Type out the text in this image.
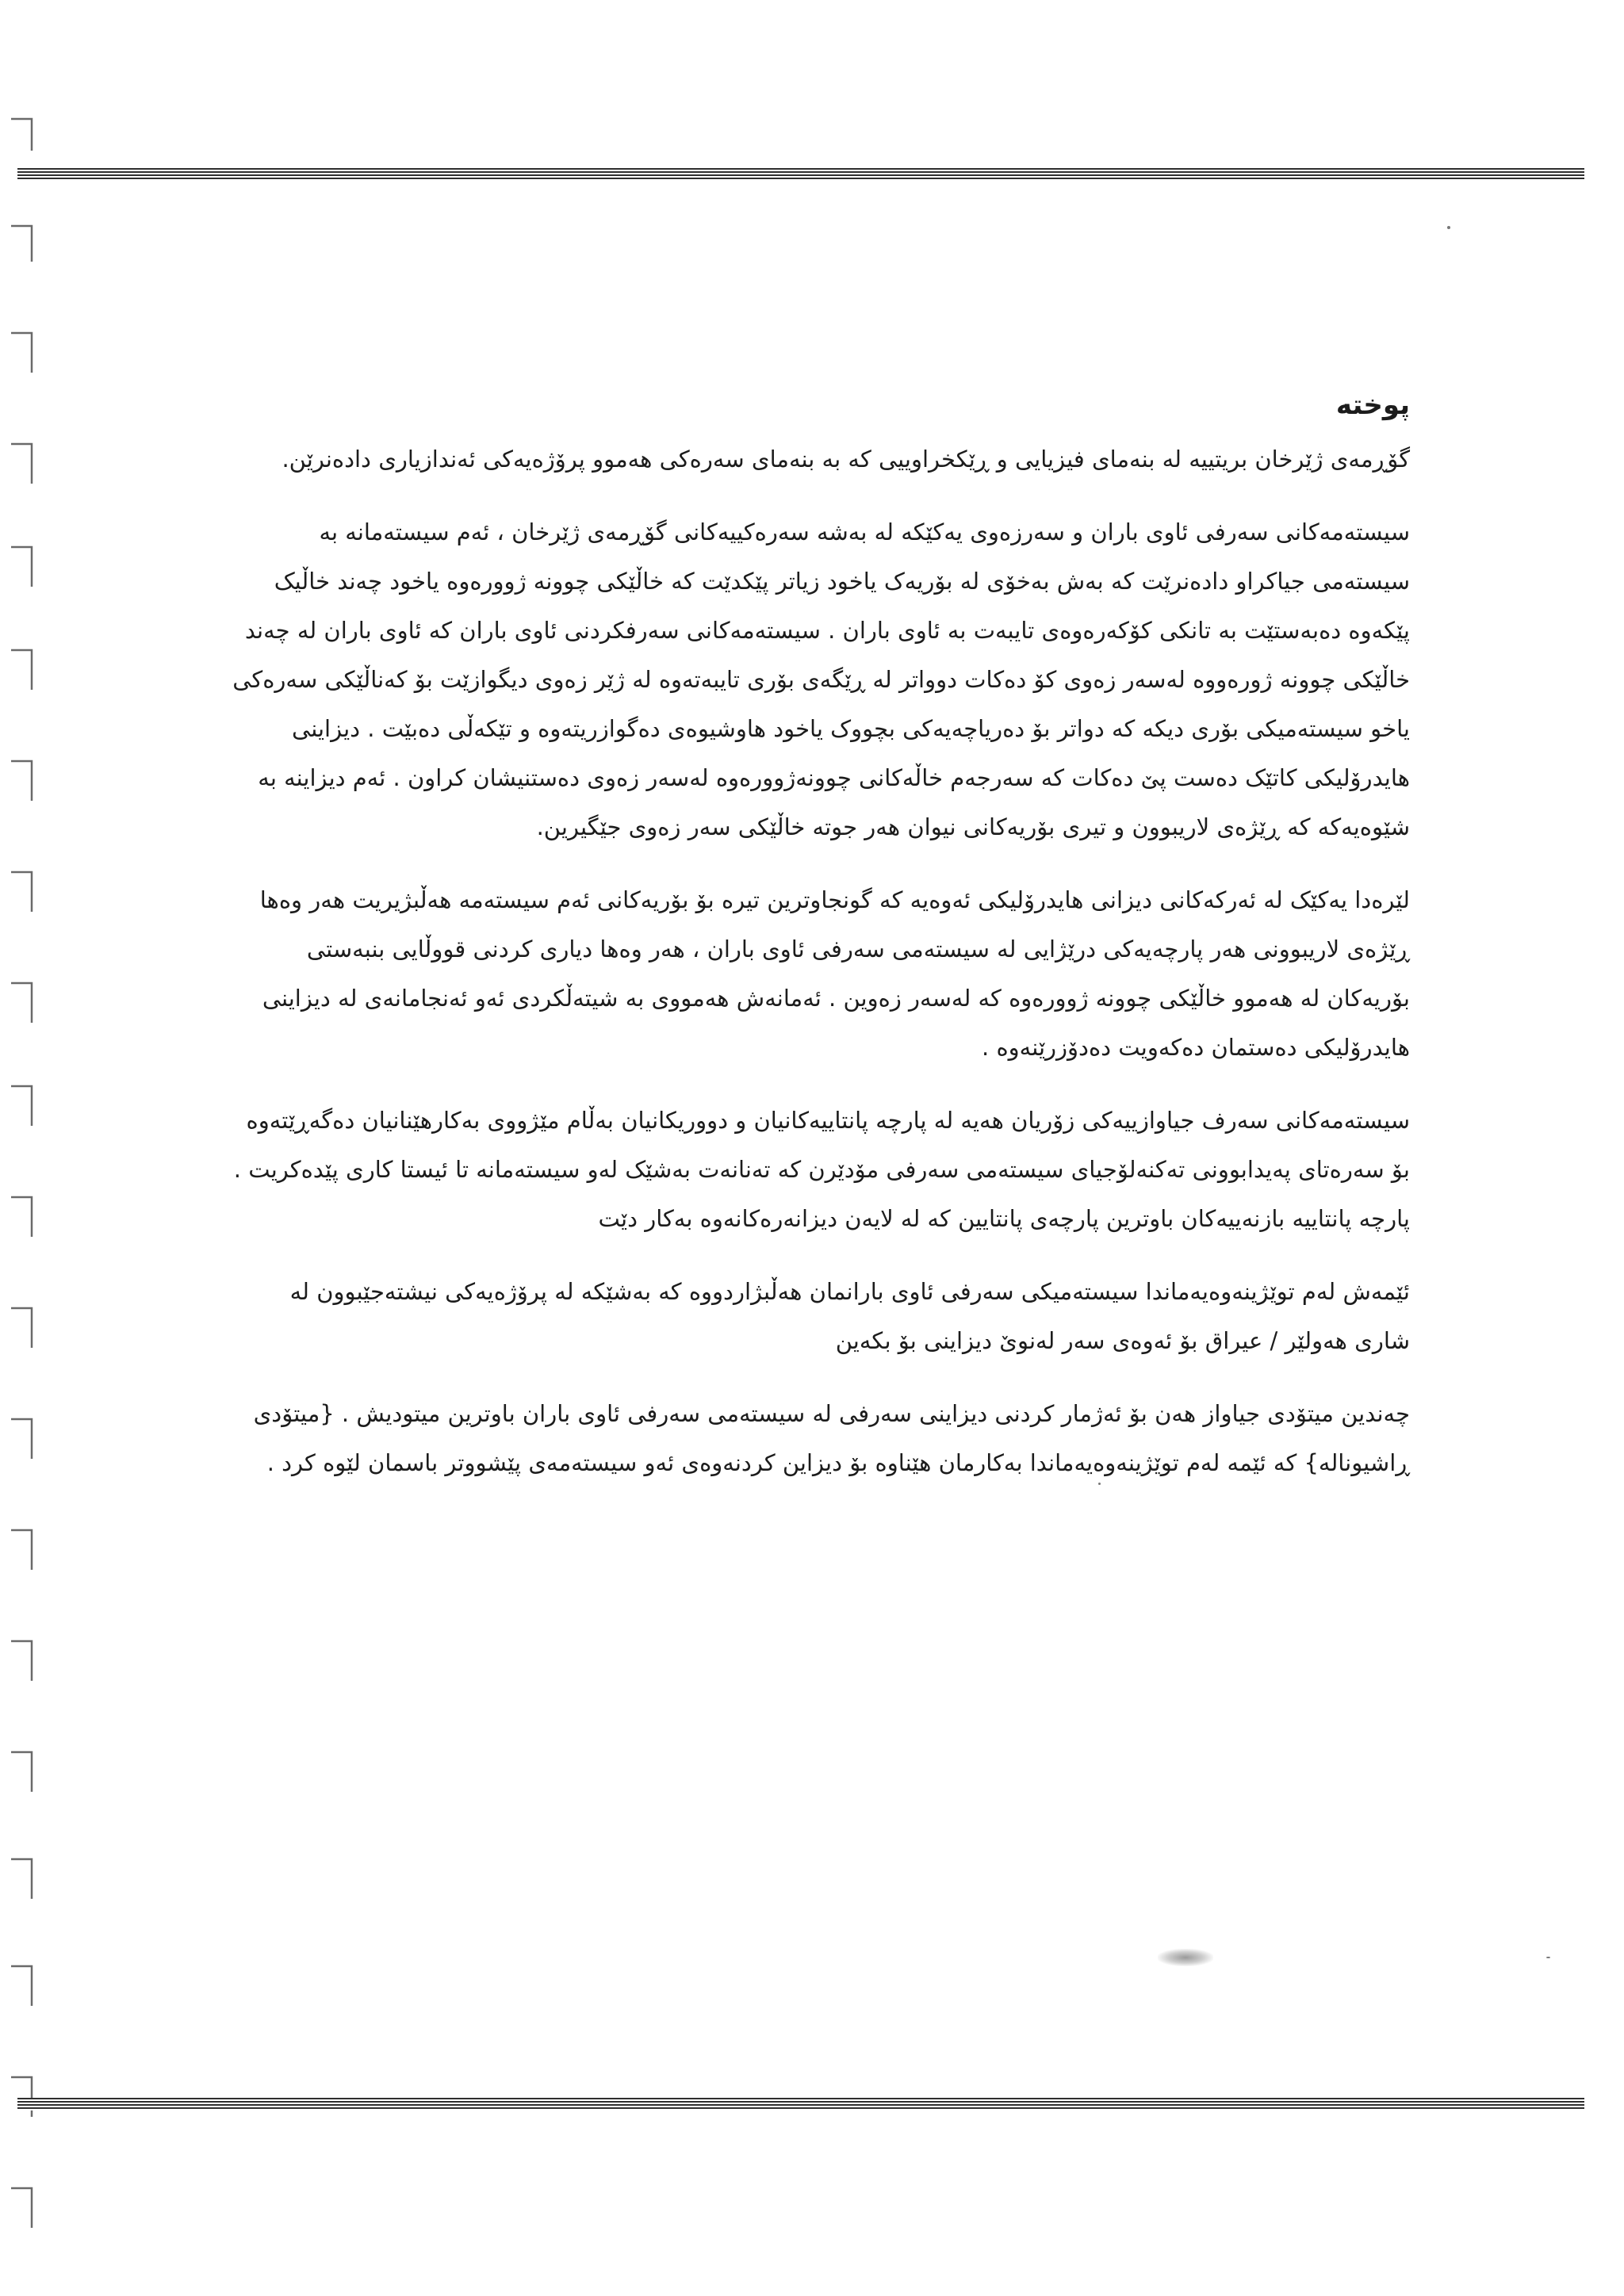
پوختە

گۆڕمەی ژێرخان بریتییە لە بنەمای فیزیایی و ڕێکخراوییی کە بە بنەمای سەرەکی هەموو پرۆژەیەکی ئەندازیاری دادەنرێن.

سیستەمەکانی سەرفی ئاوی باران و سەرزەوی یەکێکە لە بەشە سەرەکییەکانی گۆڕمەی ژێرخان ، ئەم سیستەمانە بە سیستەمی جیاکراو دادەنرێت کە بەش بەخۆی لە بۆریەک یاخود زیاتر پێکدێت کە خاڵێکی چوونە ژوورەوە یاخود چەند خاڵیک پێکەوە دەبەستێت بە تانکی کۆکەرەوەی تایبەت بە ئاوی باران . سیستەمەکانی سەرفکردنی ئاوی باران کە ئاوی باران لە چەند خاڵێکی چوونە ژورەووە لەسەر زەوی کۆ دەکات دوواتر لە ڕێگەی بۆری تایبەتەوە لە ژێر زەوی دیگوازێت بۆ کەناڵێکی سەرەکی یاخو سیستەمیکی بۆری دیکە کە دواتر بۆ دەریاچەیەکی بچووک یاخود هاوشیوەی دەگوازریتەوە و تێکەڵی دەبێت . دیزاینی هایدرۆلیکی کاتێک دەست پێ دەکات کە سەرجەم خاڵەکانی چوونەژوورەوە لەسەر زەوی دەستنیشان کراون . ئەم دیزاینە بە شێوەیەکە کە ڕێژەی لاریبوون و تیری بۆریەکانی نیوان هەر جوتە خاڵێکی سەر زەوی جێگیرین.

لێرەدا یەکێک لە ئەرکەکانی دیزانی هایدرۆلیکی ئەوەیە کە گونجاوترین تیرە بۆ بۆریەکانی ئەم سیستەمە هەڵبژیریت هەر وەها ڕێژەی لاریبوونی هەر پارچەیەکی درێژایی لە سیستەمی سەرفی ئاوی باران ، هەر وەها دیاری کردنی قووڵایی بنبەستی بۆریەکان لە هەموو خاڵێکی چوونە ژوورەوە کە لەسەر زەوین . ئەمانەش هەمووی بە شیتەڵکردی ئەو ئەنجامانەی لە دیزاینی هایدرۆلیکی دەستمان دەکەویت دەدۆزرێنەوە .

سیستەمەکانی سەرف جیاوازییەکی زۆریان هەیە لە پارچە پانتاییەکانیان و دووریکانیان بەڵام مێژووی بەکارهێنانیان دەگەڕێتەوە بۆ سەرەتای پەیدابوونی تەکنەلۆجیای سیستەمی سەرفی مۆدێرن کە تەنانەت بەشێک لەو سیستەمانە تا ئیستا کاری پێدەکریت . پارچە پانتاییە بازنەییەکان باوترین پارچەی پانتایین کە لە لایەن دیزانەرەکانەوە بەکار دێت

ئێمەش لەم توێژینەوەیەماندا سیستەمیکی سەرفی ئاوی بارانمان هەڵبژاردووە کە بەشێکە لە پرۆژەیەکی نیشتەجێبوون لە شاری هەولێر / عیراق بۆ ئەوەی سەر لەنوێ دیزاینی بۆ بکەین

چەندین میتۆدی جیاواز هەن بۆ ئەژمار کردنی دیزاینی سەرفی لە سیستەمی سەرفی ئاوی باران باوترین میتودیش . {میتۆدی ڕاشیونالە} کە ئێمە لەم توێژینەوەیەماندا بەکارمان هێناوە بۆ دیزاین کردنەوەی ئەو سیستەمەی پێشووتر باسمان لێوە کرد .
